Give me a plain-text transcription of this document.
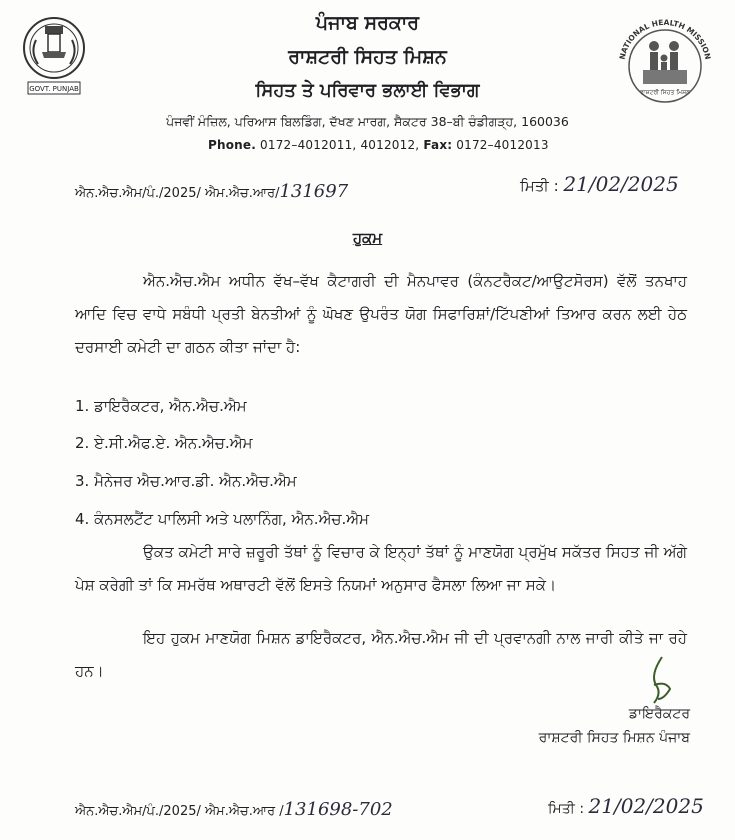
GOVT. PUNJAB
NATIONAL HEALTH MISSION
ਰਾਸ਼ਟਰੀ ਸਿਹਤ ਮਿਸ਼ਨ
ਪੰਜਾਬ ਸਰਕਾਰ
ਰਾਸ਼ਟਰੀ ਸਿਹਤ ਮਿਸ਼ਨ
ਸਿਹਤ ਤੇ ਪਰਿਵਾਰ ਭਲਾਈ ਵਿਭਾਗ
ਪੰਜਵੀਂ ਮੰਜ਼ਿਲ, ਪਰਿਆਸ ਬਿਲਡਿੰਗ, ਦੱਖਣ ਮਾਰਗ, ਸੈਕਟਰ 38–ਬੀ ਚੰਡੀਗੜ੍ਹ, 160036
Phone. 0172–4012011, 4012012, Fax: 0172–4012013
ਐਨ.ਐਚ.ਐਮ/ਪੰ./2025/ ਐਮ.ਐਚ.ਆਰ/131697	ਮਿਤੀ : 21/02/2025
ਹੁਕਮ
ਐਨ.ਐਚ.ਐਮ ਅਧੀਨ ਵੱਖ–ਵੱਖ ਕੈਟਾਗਰੀ ਦੀ ਮੈਨਪਾਵਰ (ਕੰਨਟਰੈਕਟ/ਆਉਟਸੋਰਸ) ਵੱਲੋਂ ਤਨਖਾਹ ਆਦਿ ਵਿਚ ਵਾਧੇ ਸਬੰਧੀ ਪ੍ਰਤੀ ਬੇਨਤੀਆਂ ਨੂੰ ਘੋਖਣ ਉਪਰੰਤ ਯੋਗ ਸਿਫਾਰਿਸ਼ਾਂ/ਟਿੱਪਣੀਆਂ ਤਿਆਰ ਕਰਨ ਲਈ ਹੇਠ ਦਰਸਾਈ ਕਮੇਟੀ ਦਾ ਗਠਨ ਕੀਤਾ ਜਾਂਦਾ ਹੈ:
1. ਡਾਇਰੈਕਟਰ, ਐਨ.ਐਚ.ਐਮ
2. ਏ.ਸੀ.ਐਫ.ਏ. ਐਨ.ਐਚ.ਐਮ
3. ਮੈਨੇਜਰ ਐਚ.ਆਰ.ਡੀ. ਐਨ.ਐਚ.ਐਮ
4. ਕੰਨਸਲਟੈਂਟ ਪਾਲਿਸੀ ਅਤੇ ਪਲਾਨਿੰਗ, ਐਨ.ਐਚ.ਐਮ
ਉਕਤ ਕਮੇਟੀ ਸਾਰੇ ਜ਼ਰੂਰੀ ਤੱਥਾਂ ਨੂੰ ਵਿਚਾਰ ਕੇ ਇਨ੍ਹਾਂ ਤੱਥਾਂ ਨੂੰ ਮਾਣਯੋਗ ਪ੍ਰਮੁੱਖ ਸਕੱਤਰ ਸਿਹਤ ਜੀ ਅੱਗੇ ਪੇਸ਼ ਕਰੇਗੀ ਤਾਂ ਕਿ ਸਮਰੱਥ ਅਥਾਰਟੀ ਵੱਲੋਂ ਇਸਤੇ ਨਿਯਮਾਂ ਅਨੁਸਾਰ ਫੈਸਲਾ ਲਿਆ ਜਾ ਸਕੇ।
ਇਹ ਹੁਕਮ ਮਾਣਯੋਗ ਮਿਸ਼ਨ ਡਾਇਰੈਕਟਰ, ਐਨ.ਐਚ.ਐਮ ਜੀ ਦੀ ਪ੍ਰਵਾਨਗੀ ਨਾਲ ਜਾਰੀ ਕੀਤੇ ਜਾ ਰਹੇ ਹਨ।
ਡਾਇਰੈਕਟਰ
ਰਾਸ਼ਟਰੀ ਸਿਹਤ ਮਿਸ਼ਨ ਪੰਜਾਬ
ਐਨ.ਐਚ.ਐਮ/ਪੰ./2025/ ਐਮ.ਐਚ.ਆਰ /131698-702	ਮਿਤੀ : 21/02/2025
